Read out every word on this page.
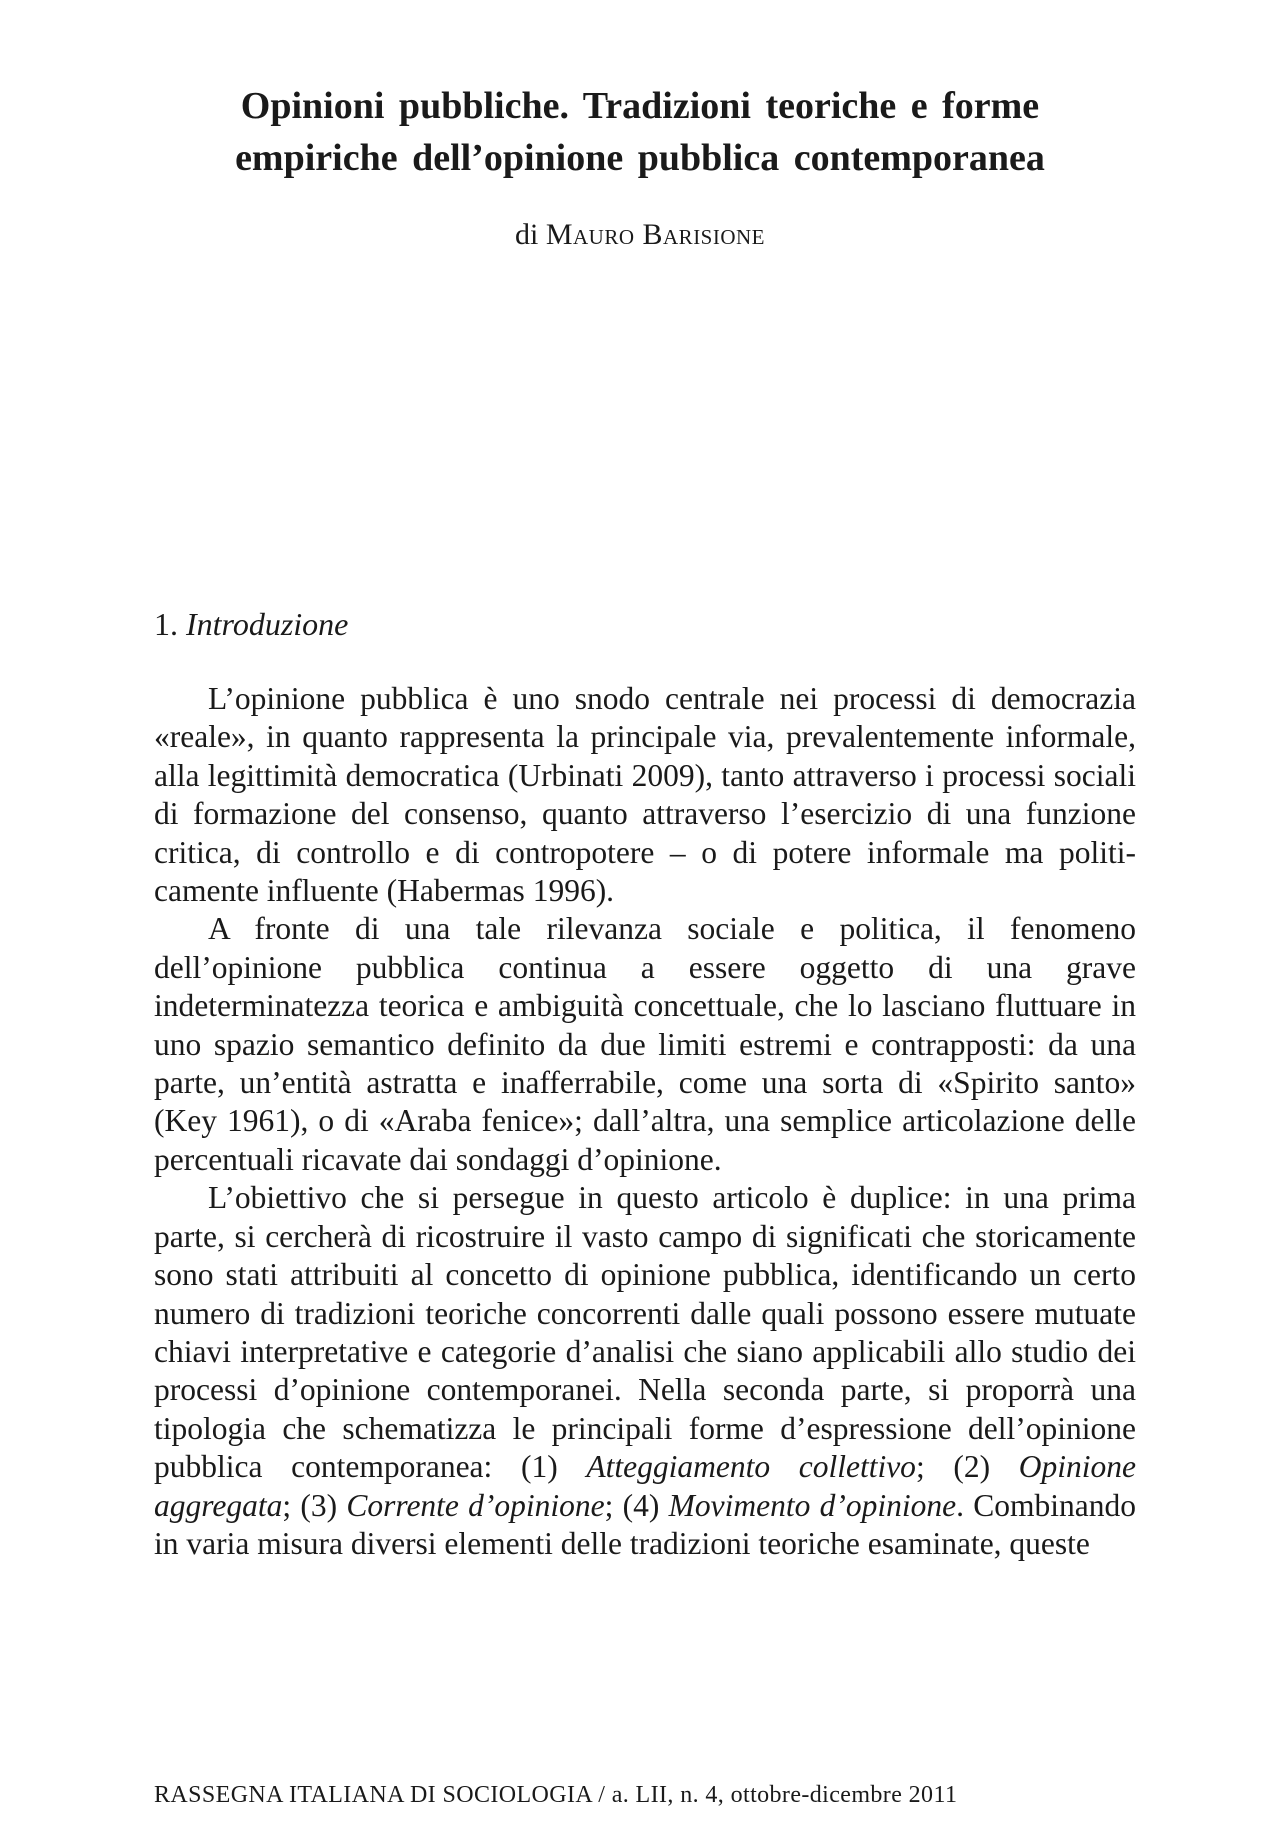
Opinioni pubbliche. Tradizioni teoriche e forme
empiriche dell’opinione pubblica contemporanea

di Mauro Barisione

1. Introduzione

L’opinione pubblica è uno snodo centrale nei processi di democrazia «reale», in quanto rappresenta la principale via, prevalentemente informale, alla legittimità democratica (Urbinati 2009), tanto attraverso i processi sociali di formazione del consenso, quanto attraverso l’esercizio di una funzione critica, di controllo e di contropotere – o di potere informale ma politicamente influente (Habermas 1996).

A fronte di una tale rilevanza sociale e politica, il fenomeno dell’opinione pubblica continua a essere oggetto di una grave indeterminatezza teorica e ambiguità concettuale, che lo lasciano fluttuare in uno spazio semantico definito da due limiti estremi e contrapposti: da una parte, un’entità astratta e inafferrabile, come una sorta di «Spirito santo» (Key 1961), o di «Araba fenice»; dall’altra, una semplice articolazione delle percentuali ricavate dai sondaggi d’opinione.

L’obiettivo che si persegue in questo articolo è duplice: in una prima parte, si cercherà di ricostruire il vasto campo di significati che storicamente sono stati attribuiti al concetto di opinione pubblica, identificando un certo numero di tradizioni teoriche concorrenti dalle quali possono essere mutuate chiavi interpretative e categorie d’analisi che siano applicabili allo studio dei processi d’opinione contemporanei. Nella seconda parte, si proporrà una tipologia che schematizza le principali forme d’espressione dell’opinione pubblica contemporanea: (1) Atteggiamento collettivo; (2) Opinione aggregata; (3) Corrente d’opinione; (4) Movimento d’opinione. Combinando in varia misura diversi elementi delle tradizioni teoriche esaminate, queste

RASSEGNA ITALIANA DI SOCIOLOGIA / a. LII, n. 4, ottobre-dicembre 2011
